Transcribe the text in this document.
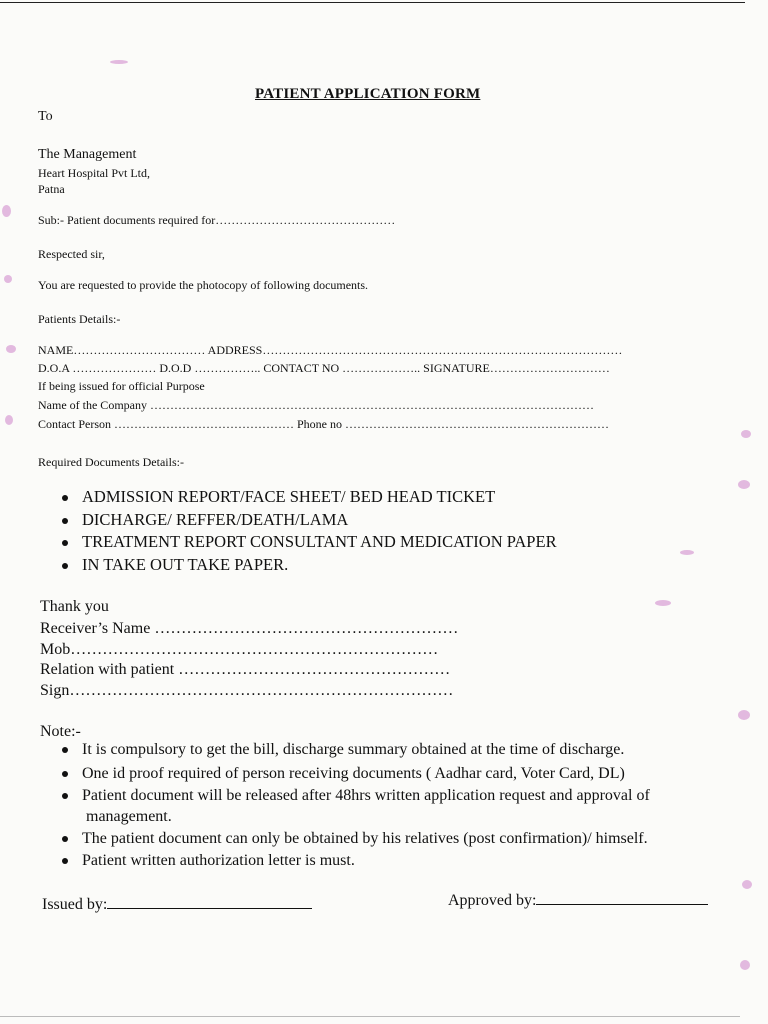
PATIENT APPLICATION FORM
To
The Management
Heart Hospital Pvt Ltd,
Patna
Sub:- Patient documents required for………………………………………
Respected sir,
You are requested to provide the photocopy of following documents.
Patients Details:-
NAME…………………………… ADDRESS………………………………………………………………………………
D.O.A ………………… D.O.D …………….. CONTACT NO ……………….. SIGNATURE…………………………
If being issued for official Purpose
Name of the Company …………………………………………………………………………………………………
Contact Person ……………………………………… Phone no …………………………………………………………
Required Documents Details:-
ADMISSION REPORT/FACE SHEET/ BED HEAD TICKET
DICHARGE/ REFFER/DEATH/LAMA
TREATMENT REPORT CONSULTANT AND MEDICATION PAPER
IN TAKE OUT TAKE PAPER.
Thank you
Receiver’s Name …………………………………………………
Mob……………………………………………………………
Relation with patient ……………………………………………
Sign………………………………………………………………
Note:-
It is compulsory to get the bill, discharge summary obtained at the time of discharge.
One id proof required of person receiving documents ( Aadhar card, Voter Card, DL)
Patient document will be released after 48hrs written application request and approval of
management.
The patient document can only be obtained by his relatives (post confirmation)/ himself.
Patient written authorization letter is must.
Issued by:	Approved by:
